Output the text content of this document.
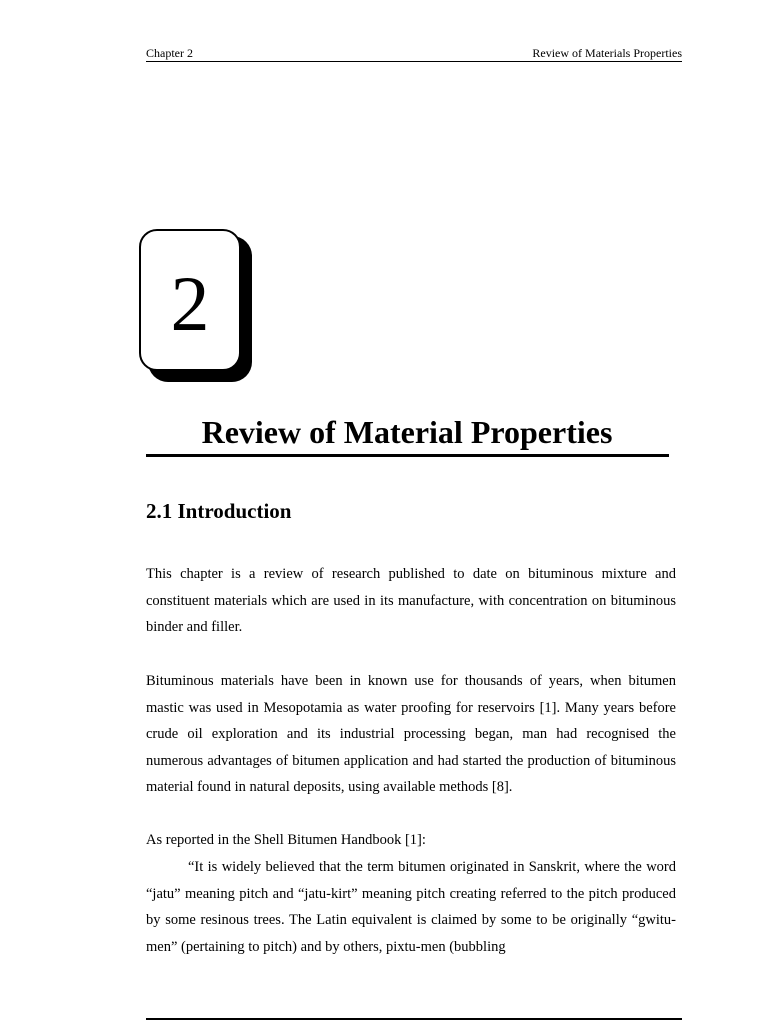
Chapter 2	Review of Materials Properties
2
Review of Material Properties
2.1 Introduction

This chapter is a review of research published to date on bituminous mixture and constituent materials which are used in its manufacture, with concentration on bituminous binder and filler.

Bituminous materials have been in known use for thousands of years, when bitumen mastic was used in Mesopotamia as water proofing for reservoirs [1]. Many years before crude oil exploration and its industrial processing began, man had recognised the numerous advantages of bitumen application and had started the production of bituminous material found in natural deposits, using available methods [8].

As reported in the Shell Bitumen Handbook [1]:

“It is widely believed that the term bitumen originated in Sanskrit, where the word “jatu” meaning pitch and “jatu-kirt” meaning pitch creating referred to the pitch produced by some resinous trees. The Latin equivalent is claimed by some to be originally “gwitu-men” (pertaining to pitch) and by others, pixtu-men (bubbling
